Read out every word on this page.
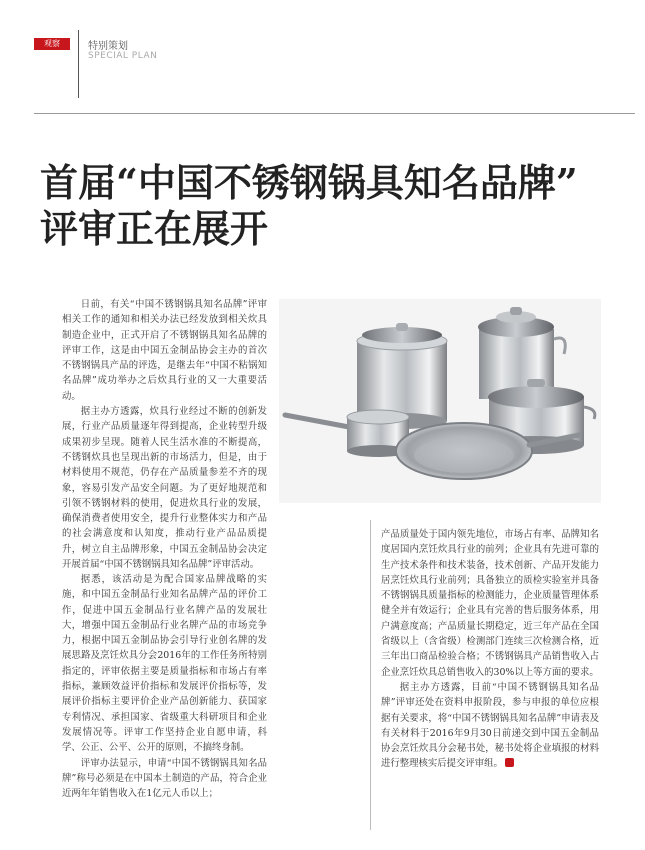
观察	特别策划
SPECIAL PLAN
首届“中国不锈钢锅具知名品牌”
评审正在展开

日前，有关“中国不锈钢锅具知名品牌”评审相关工作的通知和相关办法已经发放到相关炊具制造企业中，正式开启了不锈钢锅具知名品牌的评审工作，这是由中国五金制品协会主办的首次不锈钢锅具产品的评选，是继去年“中国不粘锅知名品牌”成功举办之后炊具行业的又一大重要活动。

据主办方透露，炊具行业经过不断的创新发展，行业产品质量逐年得到提高，企业转型升级成果初步呈现。随着人民生活水准的不断提高，不锈钢炊具也呈现出新的市场活力，但是，由于材料使用不规范，仍存在产品质量参差不齐的现象，容易引发产品安全问题。为了更好地规范和引领不锈钢材料的使用，促进炊具行业的发展，确保消费者使用安全，提升行业整体实力和产品的社会满意度和认知度，推动行业产品品质提升，树立自主品牌形象，中国五金制品协会决定开展首届“中国不锈钢锅具知名品牌”评审活动。

据悉，该活动是为配合国家品牌战略的实施，和中国五金制品行业知名品牌产品的评价工作，促进中国五金制品行业名牌产品的发展壮大，增强中国五金制品行业名牌产品的市场竞争力，根据中国五金制品协会引导行业创名牌的发展思路及烹饪炊具分会2016年的工作任务所特别指定的，评审依据主要是质量指标和市场占有率指标，兼顾效益评价指标和发展评价指标等，发展评价指标主要评价企业产品创新能力、获国家专利情况、承担国家、省级重大科研项目和企业发展情况等。评审工作坚持企业自愿申请，科学、公正、公平、公开的原则，不搞终身制。

评审办法显示，申请“中国不锈钢锅具知名品牌”称号必须是在中国本土制造的产品，符合企业近两年年销售收入在1亿元人币以上；

产品质量处于国内领先地位，市场占有率、品牌知名度居国内烹饪炊具行业的前列；企业具有先进可靠的生产技术条件和技术装备，技术创新、产品开发能力居烹饪炊具行业前列；具备独立的质检实验室并具备不锈钢锅具质量指标的检测能力，企业质量管理体系健全并有效运行；企业具有完善的售后服务体系，用户满意度高；产品质量长期稳定，近三年产品在全国省级以上（含省级）检测部门连续三次检测合格，近三年出口商品检验合格；不锈钢锅具产品销售收入占企业烹饪炊具总销售收入的30%以上等方面的要求。

据主办方透露，目前“中国不锈钢锅具知名品牌”评审还处在资料申报阶段，参与申报的单位应根据有关要求，将“中国不锈钢锅具知名品牌”申请表及有关材料于2016年9月30日前递交到中国五金制品协会烹饪炊具分会秘书处，秘书处将企业填报的材料进行整理核实后提交评审组。
